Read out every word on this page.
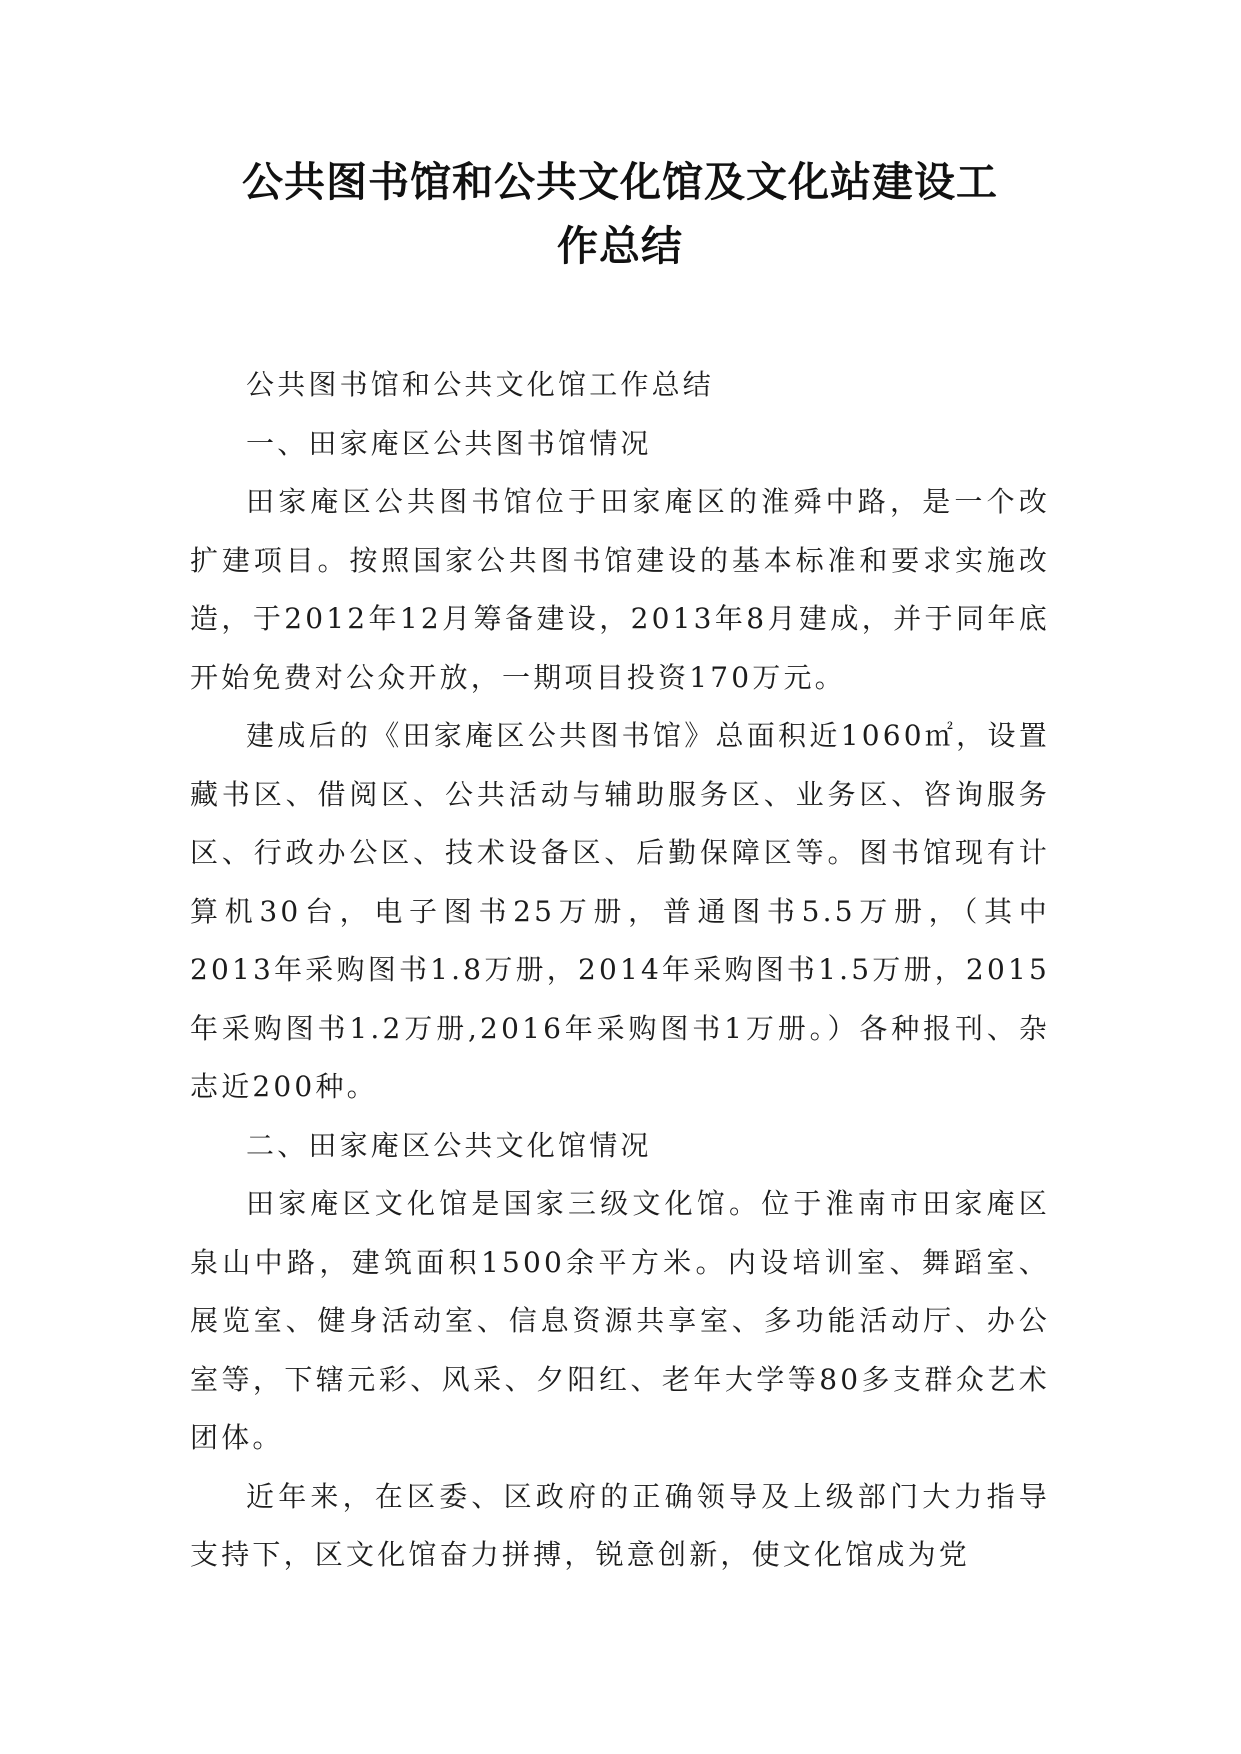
公共图书馆和公共文化馆及文化站建设工
作总结

公共图书馆和公共文化馆工作总结

一、田家庵区公共图书馆情况

田家庵区公共图书馆位于田家庵区的淮舜中路，是一个改扩建项目。按照国家公共图书馆建设的基本标准和要求实施改造，于2012年12月筹备建设，2013年8月建成，并于同年底开始免费对公众开放，一期项目投资170万元。

建成后的《田家庵区公共图书馆》总面积近1060㎡，设置藏书区、借阅区、公共活动与辅助服务区、业务区、咨询服务区、行政办公区、技术设备区、后勤保障区等。图书馆现有计算机30台，电子图书25万册，普通图书5.5万册，（其中2013年采购图书1.8万册，2014年采购图书1.5万册，2015年采购图书1.2万册,2016年采购图书1万册。）各种报刊、杂志近200种。

二、田家庵区公共文化馆情况

田家庵区文化馆是国家三级文化馆。位于淮南市田家庵区泉山中路，建筑面积1500余平方米。内设培训室、舞蹈室、展览室、健身活动室、信息资源共享室、多功能活动厅、办公室等，下辖元彩、风采、夕阳红、老年大学等80多支群众艺术团体。

近年来，在区委、区政府的正确领导及上级部门大力指导支持下，区文化馆奋力拼搏，锐意创新，使文化馆成为党
